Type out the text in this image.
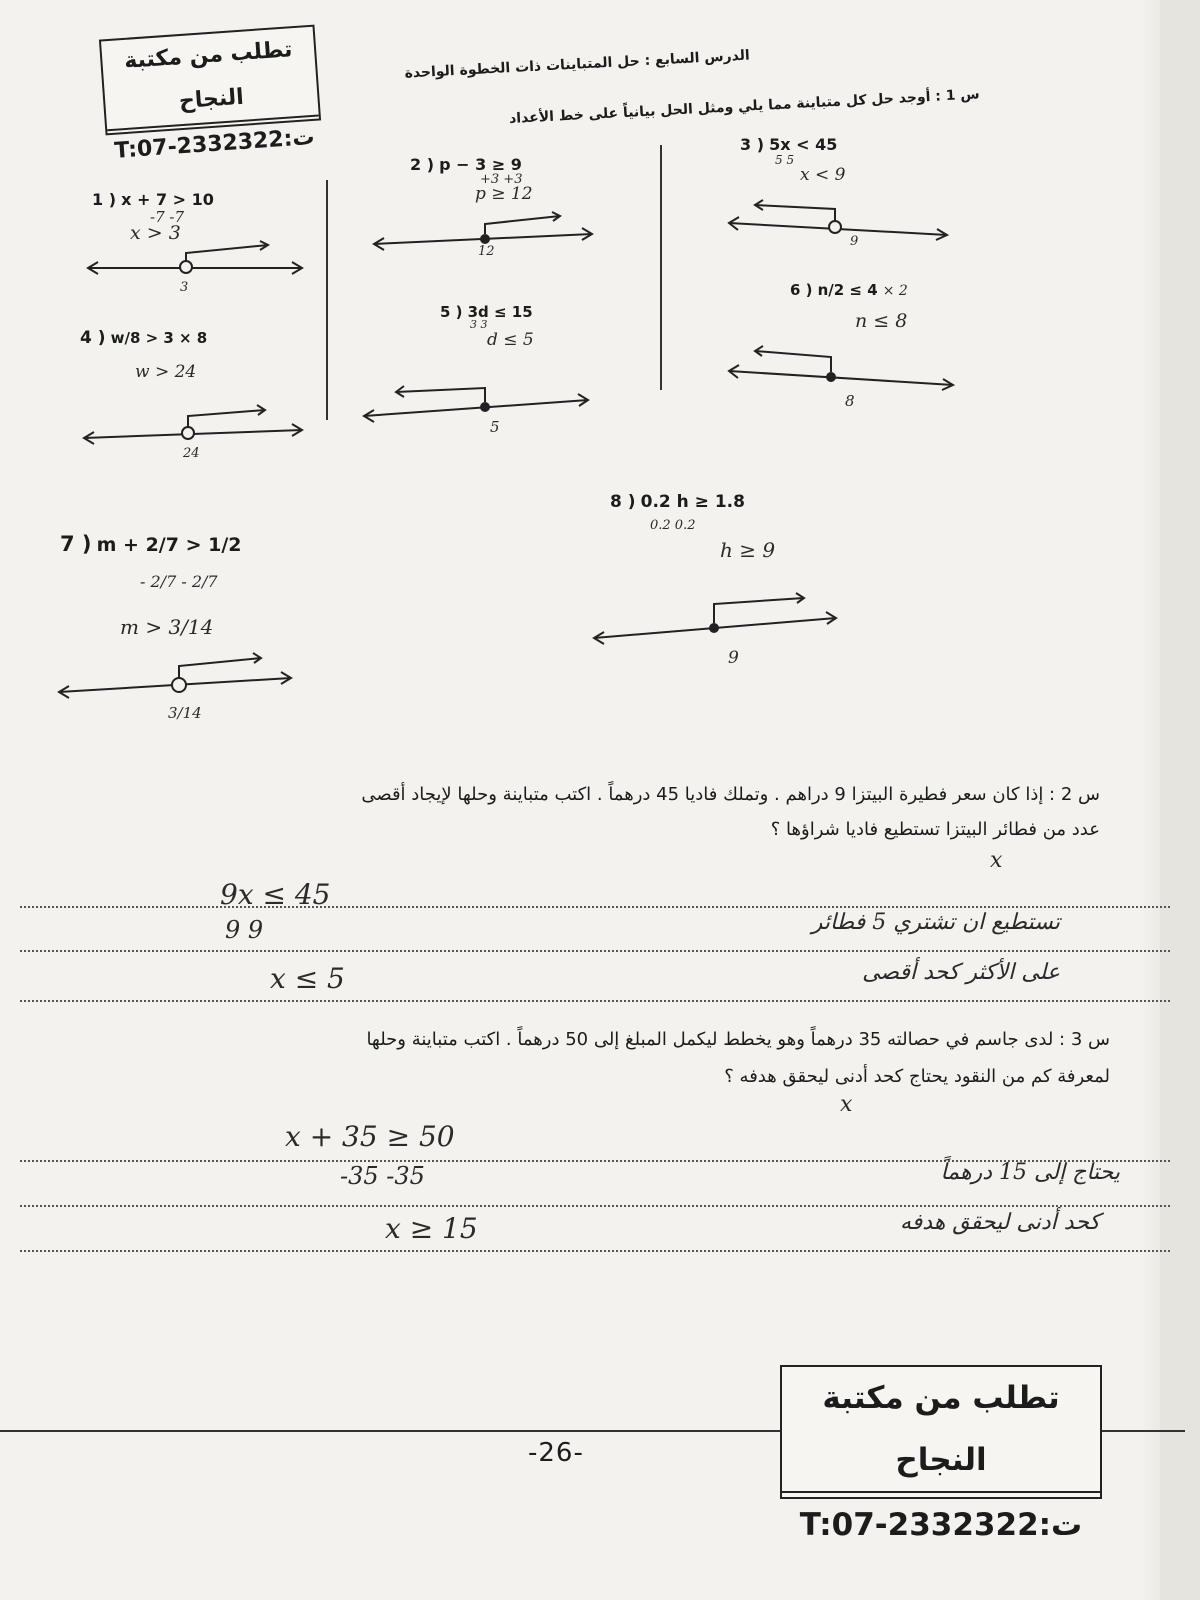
تطلب من مكتبة النجاح
T:07-2332322:ت
الدرس السابع : حل المتباينات ذات الخطوة الواحدة
س 1 : أوجد حل كل متباينة مما يلي ومثل الحل بيانياً على خط الأعداد
1 ) x + 7 > 10
-7 -7
x > 3
3
2 ) p − 3 ≥ 9
+3 +3
p ≥ 12
12
3 ) 5x < 45
5 5
x < 9
9
4 ) w/8 > 3 × 8
w > 24
24
5 ) 3d ≤ 15
3 3
d ≤ 5
5
6 ) n/2 ≤ 4 × 2
n ≤ 8
8
7 ) m + 2/7 > 1/2
- 2/7 - 2/7
m > 3/14
3/14
8 ) 0.2 h ≥ 1.8
0.2 0.2
h ≥ 9
9
س 2 : إذا كان سعر فطيرة البيتزا 9 دراهم . وتملك فاديا 45 درهماً . اكتب متباينة وحلها لإيجاد أقصى
عدد من فطائر البيتزا تستطيع فاديا شراؤها ؟
x
9x ≤ 45
9 9
x ≤ 5
تستطيع ان تشتري 5 فطائر
على الأكثر كحد أقصى
س 3 : لدى جاسم في حصالته 35 درهماً وهو يخطط ليكمل المبلغ إلى 50 درهماً . اكتب متباينة وحلها
لمعرفة كم من النقود يحتاج كحد أدنى ليحقق هدفه ؟
x
x + 35 ≥ 50
-35 -35
x ≥ 15
يحتاج إلى 15 درهماً
كحد أدنى ليحقق هدفه
-26-
تطلب من مكتبة النجاح
T:07-2332322:ت
